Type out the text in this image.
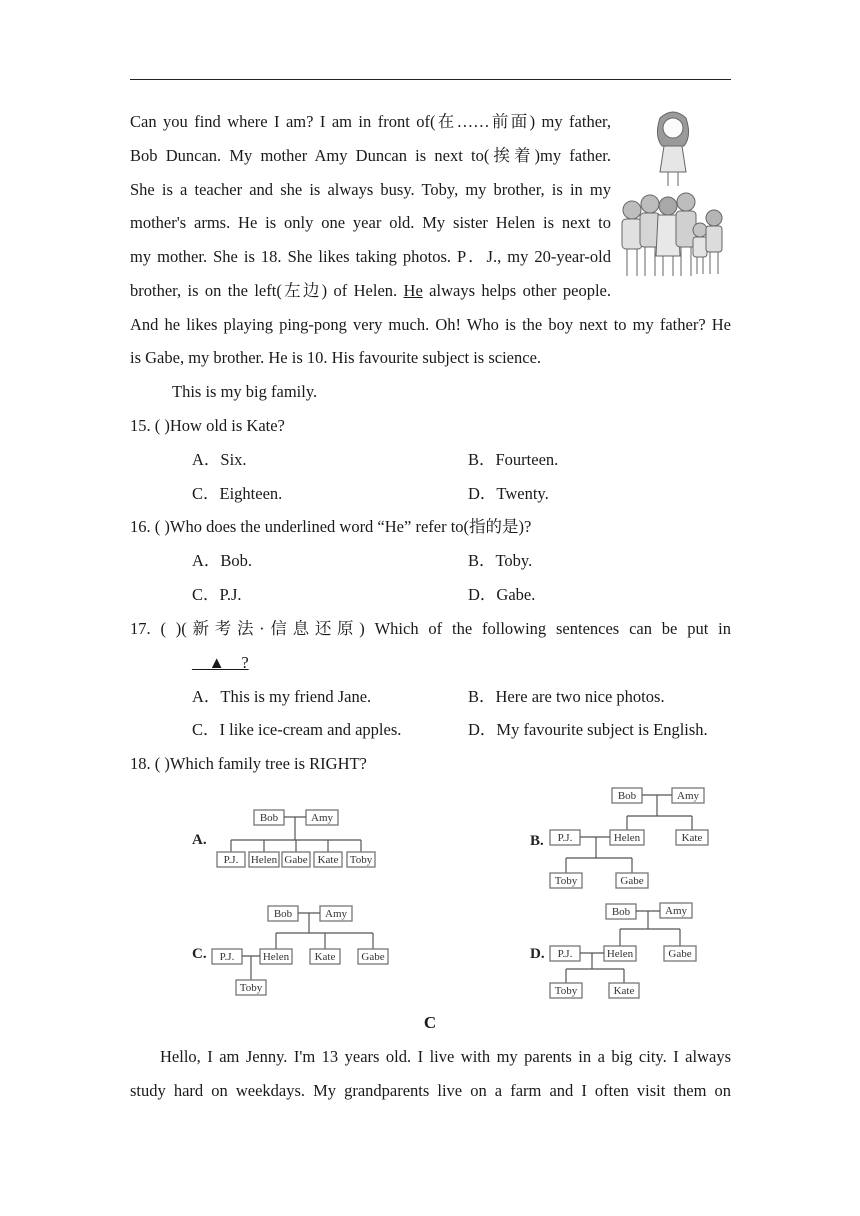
Can you find where I am? I am in front of(在……前面) my father,
Bob Duncan. My mother Amy Duncan is next to(挨着)my father.
She is a teacher and she is always busy. Toby, my brother, is in my
mother's arms. He is only one year old. My sister Helen is next to
my mother. She is 18. She likes taking photos. P．J., my 20-year-old
brother, is on the left(左边) of Helen. He always helps other people.
And he likes playing ping-pong very much. Oh! Who is the boy next to my father? He
is Gabe, my brother. He is 10. His favourite subject is science.
This is my big family.
15. ( )How old is Kate?
A．Six.	B．Fourteen.
C．Eighteen.	D．Twenty.
16. ( )Who does the underlined word “He” refer to(指的是)?
A．Bob.	B．Toby.
C．P.J.	D．Gabe.
17. ( )(新考法·信息还原) Which of the following sentences can be put in
__▲__?
A．This is my friend Jane.	B．Here are two nice photos.
C．I like ice-cream and apples.	D．My favourite subject is English.
18. ( )Which family tree is RIGHT?
A.
Bob	Amy
P.J. Helen Gabe Kate Toby
B.
Bob	Amy
P.J.	Helen	Kate
Toby	Gabe
C.
Bob	Amy
P.J.	Helen Kate Gabe
Toby
D.
Bob	Amy
P.J.	Helen	Gabe
Toby	Kate
C
Hello, I am Jenny. I'm 13 years old. I live with my parents in a big city. I always
study hard on weekdays. My grandparents live on a farm and I often visit them on
